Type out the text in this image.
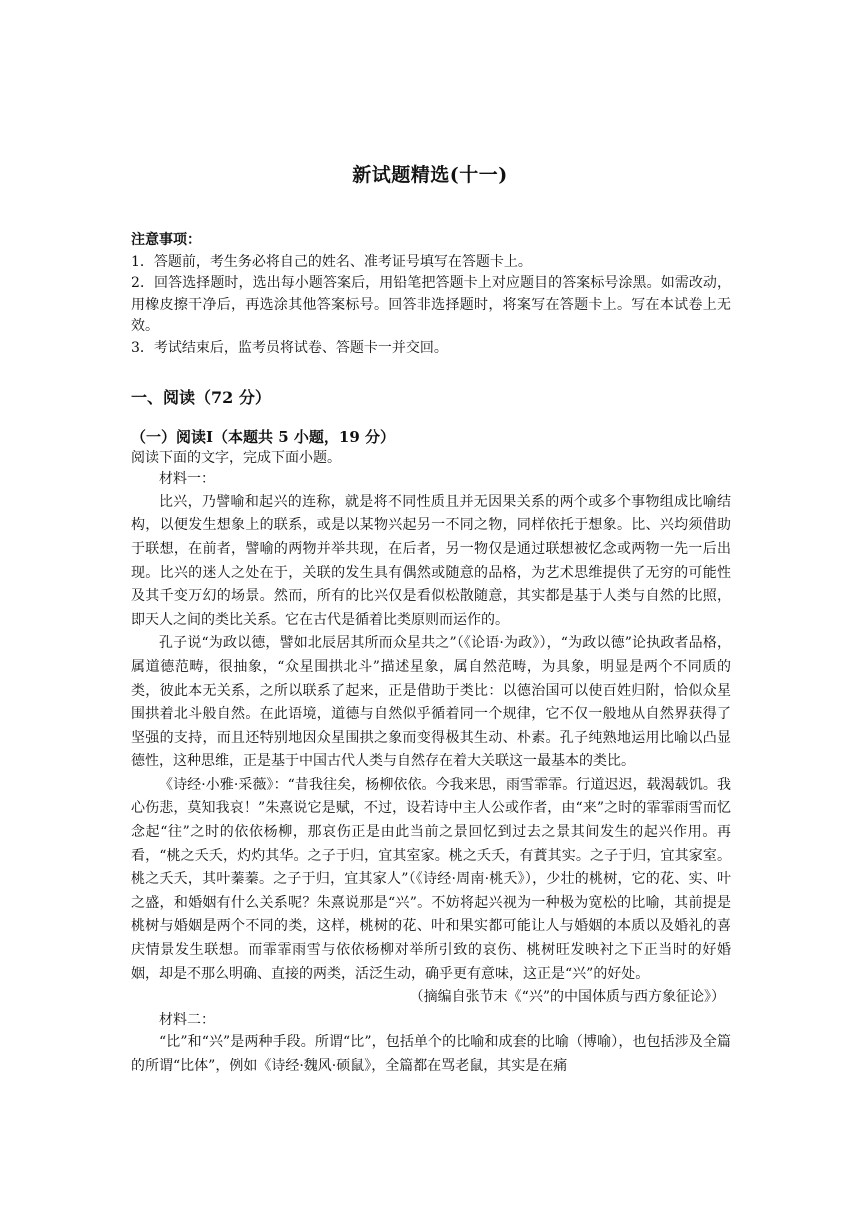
新试题精选(十一)

注意事项：

1．答题前，考生务必将自己的姓名、准考证号填写在答题卡上。

2．回答选择题时，选出每小题答案后，用铅笔把答题卡上对应题目的答案标号涂黑。如需改动，用橡皮擦干净后，再选涂其他答案标号。回答非选择题时，将案写在答题卡上。写在本试卷上无效。

3．考试结束后，监考员将试卷、答题卡一并交回。

一、阅读（72 分）

（一）阅读Ⅰ（本题共 5 小题，19 分）

阅读下面的文字，完成下面小题。

材料一：

比兴，乃譬喻和起兴的连称，就是将不同性质且并无因果关系的两个或多个事物组成比喻结构，以便发生想象上的联系，或是以某物兴起另一不同之物，同样依托于想象。比、兴均须借助于联想，在前者，譬喻的两物并举共现，在后者，另一物仅是通过联想被忆念或两物一先一后出现。比兴的迷人之处在于，关联的发生具有偶然或随意的品格，为艺术思维提供了无穷的可能性及其千变万幻的场景。然而，所有的比兴仅是看似松散随意，其实都是基于人类与自然的比照，即天人之间的类比关系。它在古代是循着比类原则而运作的。

孔子说“为政以德，譬如北辰居其所而众星共之”（《论语·为政》），“为政以德”论执政者品格，属道德范畴，很抽象，“众星围拱北斗”描述星象，属自然范畴，为具象，明显是两个不同质的类，彼此本无关系，之所以联系了起来，正是借助于类比：以德治国可以使百姓归附，恰似众星围拱着北斗般自然。在此语境，道德与自然似乎循着同一个规律，它不仅一般地从自然界获得了坚强的支持，而且还特别地因众星围拱之象而变得极其生动、朴素。孔子纯熟地运用比喻以凸显德性，这种思维，正是基于中国古代人类与自然存在着大关联这一最基本的类比。

《诗经·小雅·采薇》：“昔我往矣，杨柳依依。今我来思，雨雪霏霏。行道迟迟，载渴载饥。我心伤悲，莫知我哀！”朱熹说它是赋，不过，设若诗中主人公或作者，由“来”之时的霏霏雨雪而忆念起“往”之时的依依杨柳，那哀伤正是由此当前之景回忆到过去之景其间发生的起兴作用。再看，“桃之夭夭，灼灼其华。之子于归，宜其室家。桃之夭夭，有蕡其实。之子于归，宜其家室。桃之夭夭，其叶蓁蓁。之子于归，宜其家人”（《诗经·周南·桃夭》），少壮的桃树，它的花、实、叶之盛，和婚姻有什么关系呢？朱熹说那是“兴”。不妨将起兴视为一种极为宽松的比喻，其前提是桃树与婚姻是两个不同的类，这样，桃树的花、叶和果实都可能让人与婚姻的本质以及婚礼的喜庆情景发生联想。而霏霏雨雪与依依杨柳对举所引致的哀伤、桃树旺发映衬之下正当时的好婚姻，却是不那么明确、直接的两类，活泛生动，确乎更有意味，这正是“兴”的好处。

（摘编自张节末《“兴”的中国体质与西方象征论》）

材料二：

“比”和“兴”是两种手段。所谓“比”，包括单个的比喻和成套的比喻（博喻），也包括涉及全篇的所谓“比体”，例如《诗经·魏风·硕鼠》，全篇都在骂老鼠，其实是在痛
